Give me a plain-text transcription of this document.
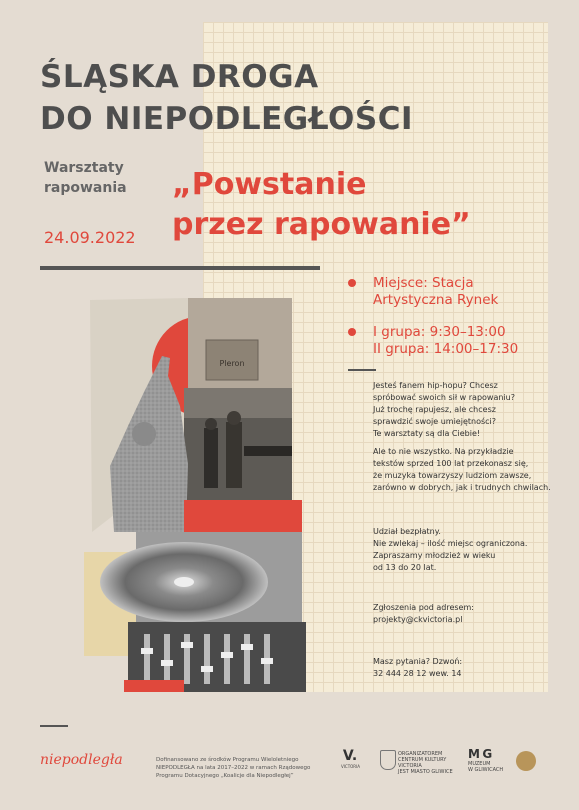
ŚLĄSKA DROGA
DO NIEPODLEGŁOŚCI
Warsztaty
rapowania
24.09.2022
„Powstanie
przez rapowanie”
Pleron
Miejsce: Stacja
Artystyczna Rynek
I grupa: 9:30–13:00
II grupa: 14:00–17:30
Jesteś fanem hip-hopu? Chcesz
spróbować swoich sił w rapowaniu?
Już trochę rapujesz, ale chcesz
sprawdzić swoje umiejętności?
Te warsztaty są dla Ciebie!
Ale to nie wszystko. Na przykładzie
tekstów sprzed 100 lat przekonasz się,
że muzyka towarzyszy ludziom zawsze,
zarówno w dobrych, jak i trudnych chwilach.
Udział bezpłatny.
Nie zwlekaj – ilość miejsc ograniczona.
Zapraszamy młodzież w wieku
od 13 do 20 lat.
Zgłoszenia pod adresem:
projekty@ckvictoria.pl
Masz pytania? Dzwoń:
32 444 28 12 wew. 14
niepodległa	Dofinansowano ze środków Programu Wieloletniego
NIEPODLEGŁA na lata 2017–2022 w ramach Rządowego
Programu Dotacyjnego „Koalicje dla Niepodległej”
V.
VICTORIA
ORGANIZATOREM
CENTRUM KULTURY
VICTORIA
JEST MIASTO GLIWICE
M G
MUZEUM
W GLIWICACH
